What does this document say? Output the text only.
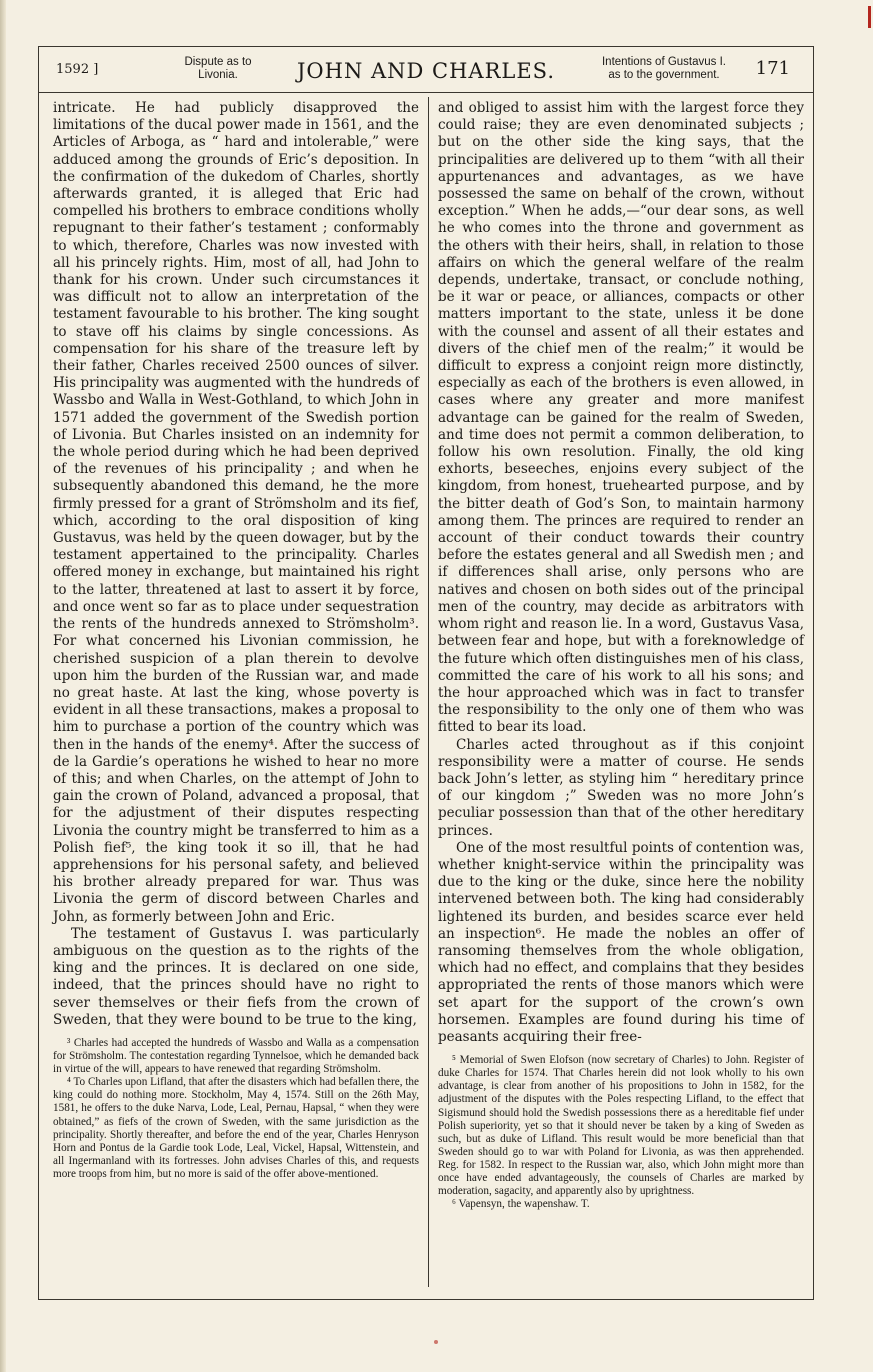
1592 ]	Dispute as to
Livonia.	JOHN AND CHARLES.	Intentions of Gustavus I.
as to the government.	171

intricate. He had publicly disapproved the limitations of the ducal power made in 1561, and the Articles of Arboga, as “ hard and intolerable,” were adduced among the grounds of Eric’s deposition. In the confirmation of the dukedom of Charles, shortly afterwards granted, it is alleged that Eric had compelled his brothers to embrace conditions wholly repugnant to their father’s testament ; conformably to which, therefore, Charles was now invested with all his princely rights. Him, most of all, had John to thank for his crown. Under such circumstances it was difficult not to allow an interpretation of the testament favourable to his brother. The king sought to stave off his claims by single concessions. As compensation for his share of the treasure left by their father, Charles received 2500 ounces of silver. His principality was augmented with the hundreds of Wassbo and Walla in West-Gothland, to which John in 1571 added the government of the Swedish portion of Livonia. But Charles insisted on an indemnity for the whole period during which he had been deprived of the revenues of his principality ; and when he subsequently abandoned this demand, he the more firmly pressed for a grant of Strömsholm and its fief, which, according to the oral disposition of king Gustavus, was held by the queen dowager, but by the testament appertained to the principality. Charles offered money in exchange, but maintained his right to the latter, threatened at last to assert it by force, and once went so far as to place under sequestration the rents of the hundreds annexed to Strömsholm³. For what concerned his Livonian commission, he cherished suspicion of a plan therein to devolve upon him the burden of the Russian war, and made no great haste. At last the king, whose poverty is evident in all these transactions, makes a proposal to him to purchase a portion of the country which was then in the hands of the enemy⁴. After the success of de la Gardie’s operations he wished to hear no more of this; and when Charles, on the attempt of John to gain the crown of Poland, advanced a proposal, that for the adjustment of their disputes respecting Livonia the country might be transferred to him as a Polish fief⁵, the king took it so ill, that he had apprehensions for his personal safety, and believed his brother already prepared for war. Thus was Livonia the germ of discord between Charles and John, as formerly between John and Eric.

The testament of Gustavus I. was particularly ambiguous on the question as to the rights of the king and the princes. It is declared on one side, indeed, that the princes should have no right to sever themselves or their fiefs from the crown of Sweden, that they were bound to be true to the king,

³ Charles had accepted the hundreds of Wassbo and Walla as a compensation for Strömsholm. The contestation regarding Tynnelsoe, which he demanded back in virtue of the will, appears to have renewed that regarding Strömsholm.

⁴ To Charles upon Lifland, that after the disasters which had befallen there, the king could do nothing more. Stockholm, May 4, 1574. Still on the 26th May, 1581, he offers to the duke Narva, Lode, Leal, Pernau, Hapsal, “ when they were obtained,” as fiefs of the crown of Sweden, with the same jurisdiction as the principality. Shortly thereafter, and before the end of the year, Charles Henryson Horn and Pontus de la Gardie took Lode, Leal, Vickel, Hapsal, Wittenstein, and all Ingermanland with its fortresses. John advises Charles of this, and requests more troops from him, but no more is said of the offer above-mentioned.

and obliged to assist him with the largest force they could raise; they are even denominated subjects ; but on the other side the king says, that the principalities are delivered up to them “with all their appurtenances and advantages, as we have possessed the same on behalf of the crown, without exception.” When he adds,—“our dear sons, as well he who comes into the throne and government as the others with their heirs, shall, in relation to those affairs on which the general welfare of the realm depends, undertake, transact, or conclude nothing, be it war or peace, or alliances, compacts or other matters important to the state, unless it be done with the counsel and assent of all their estates and divers of the chief men of the realm;” it would be difficult to express a conjoint reign more distinctly, especially as each of the brothers is even allowed, in cases where any greater and more manifest advantage can be gained for the realm of Sweden, and time does not permit a common deliberation, to follow his own resolution. Finally, the old king exhorts, beseeches, enjoins every subject of the kingdom, from honest, truehearted purpose, and by the bitter death of God’s Son, to maintain harmony among them. The princes are required to render an account of their conduct towards their country before the estates general and all Swedish men ; and if differences shall arise, only persons who are natives and chosen on both sides out of the principal men of the country, may decide as arbitrators with whom right and reason lie. In a word, Gustavus Vasa, between fear and hope, but with a foreknowledge of the future which often distinguishes men of his class, committed the care of his work to all his sons; and the hour approached which was in fact to transfer the responsibility to the only one of them who was fitted to bear its load.

Charles acted throughout as if this conjoint responsibility were a matter of course. He sends back John’s letter, as styling him “ hereditary prince of our kingdom ;” Sweden was no more John’s peculiar possession than that of the other hereditary princes.

One of the most resultful points of contention was, whether knight-service within the principality was due to the king or the duke, since here the nobility intervened between both. The king had considerably lightened its burden, and besides scarce ever held an inspection⁶. He made the nobles an offer of ransoming themselves from the whole obligation, which had no effect, and complains that they besides appropriated the rents of those manors which were set apart for the support of the crown’s own horsemen. Examples are found during his time of peasants acquiring their free-

⁵ Memorial of Swen Elofson (now secretary of Charles) to John. Register of duke Charles for 1574. That Charles herein did not look wholly to his own advantage, is clear from another of his propositions to John in 1582, for the adjustment of the disputes with the Poles respecting Lifland, to the effect that Sigismund should hold the Swedish possessions there as a hereditable fief under Polish superiority, yet so that it should never be taken by a king of Sweden as such, but as duke of Lifland. This result would be more beneficial than that Sweden should go to war with Poland for Livonia, as was then apprehended. Reg. for 1582. In respect to the Russian war, also, which John might more than once have ended advantageously, the counsels of Charles are marked by moderation, sagacity, and apparently also by uprightness.

⁶ Vapensyn, the wapenshaw. T.
